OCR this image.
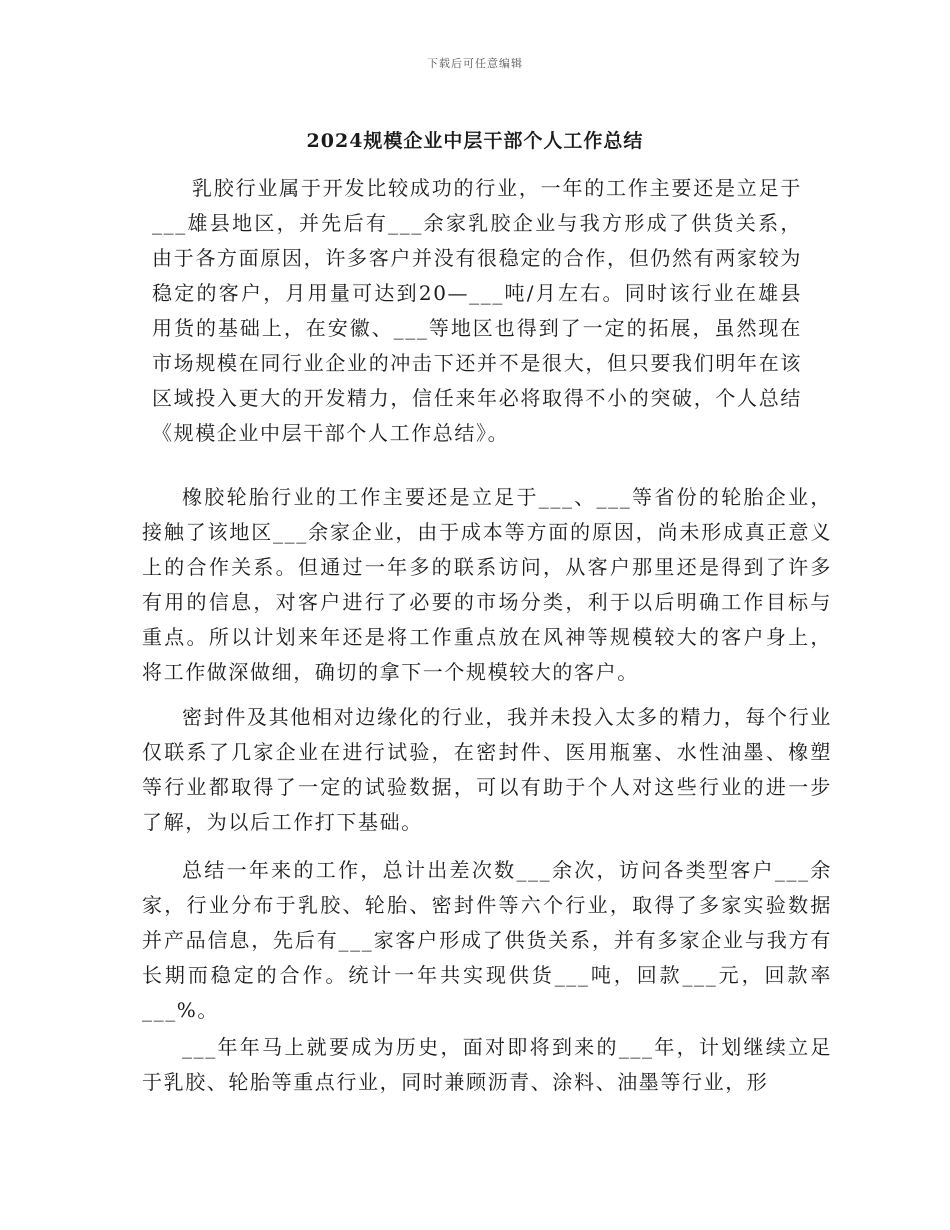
下载后可任意编辑
2024规模企业中层干部个人工作总结

乳胶行业属于开发比较成功的行业，一年的工作主要还是立足于___雄县地区，并先后有___余家乳胶企业与我方形成了供货关系，由于各方面原因，许多客户并没有很稳定的合作，但仍然有两家较为稳定的客户，月用量可达到20—___吨/月左右。同时该行业在雄县用货的基础上，在安徽、___等地区也得到了一定的拓展，虽然现在市场规模在同行业企业的冲击下还并不是很大，但只要我们明年在该区域投入更大的开发精力，信任来年必将取得不小的突破，个人总结《规模企业中层干部个人工作总结》。

橡胶轮胎行业的工作主要还是立足于___、___等省份的轮胎企业，接触了该地区___余家企业，由于成本等方面的原因，尚未形成真正意义上的合作关系。但通过一年多的联系访问，从客户那里还是得到了许多有用的信息，对客户进行了必要的市场分类，利于以后明确工作目标与重点。所以计划来年还是将工作重点放在风神等规模较大的客户身上，将工作做深做细，确切的拿下一个规模较大的客户。

密封件及其他相对边缘化的行业，我并未投入太多的精力，每个行业仅联系了几家企业在进行试验，在密封件、医用瓶塞、水性油墨、橡塑等行业都取得了一定的试验数据，可以有助于个人对这些行业的进一步了解，为以后工作打下基础。

总结一年来的工作，总计出差次数___余次，访问各类型客户___余家，行业分布于乳胶、轮胎、密封件等六个行业，取得了多家实验数据并产品信息，先后有___家客户形成了供货关系，并有多家企业与我方有长期而稳定的合作。统计一年共实现供货___吨，回款___元，回款率___%。

___年年马上就要成为历史，面对即将到来的___年，计划继续立足于乳胶、轮胎等重点行业，同时兼顾沥青、涂料、油墨等行业，形
